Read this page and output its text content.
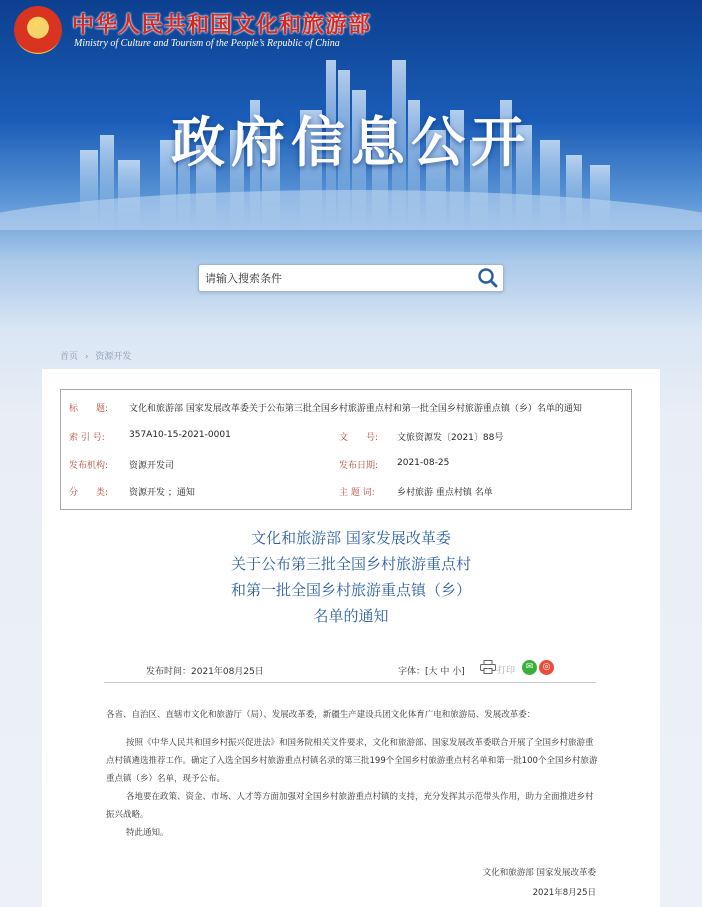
★
中华人民共和国文化和旅游部
Ministry of Culture and Tourism of the People’s Republic of China
政府信息公开
请输入搜索条件
首页 › 资源开发
标　　题: 文化和旅游部 国家发展改革委关于公布第三批全国乡村旅游重点村和第一批全国乡村旅游重点镇（乡）名单的通知
索 引 号:	357A10-15-2021-0001	文　　号: 文旅资源发〔2021〕88号
发布机构: 资源开发司	发布日期: 2021-08-25
分　　类: 资源开发 ；通知	主 题 词: 乡村旅游 重点村镇 名单
文化和旅游部 国家发展改革委
关于公布第三批全国乡村旅游重点村
和第一批全国乡村旅游重点镇（乡）
名单的通知
发布时间：2021年08月25日	字体：[大 中 小]	打印	✉	◎

各省、自治区、直辖市文化和旅游厅（局）、发展改革委，新疆生产建设兵团文化体育广电和旅游局、发展改革委：

按照《中华人民共和国乡村振兴促进法》和国务院相关文件要求，文化和旅游部、国家发展改革委联合开展了全国乡村旅游重点村镇遴选推荐工作。确定了入选全国乡村旅游重点村镇名录的第三批199个全国乡村旅游重点村名单和第一批100个全国乡村旅游重点镇（乡）名单，现予公布。

各地要在政策、资金、市场、人才等方面加强对全国乡村旅游重点村镇的支持，充分发挥其示范带头作用，助力全面推进乡村振兴战略。

特此通知。

文化和旅游部 国家发展改革委
2021年8月25日
